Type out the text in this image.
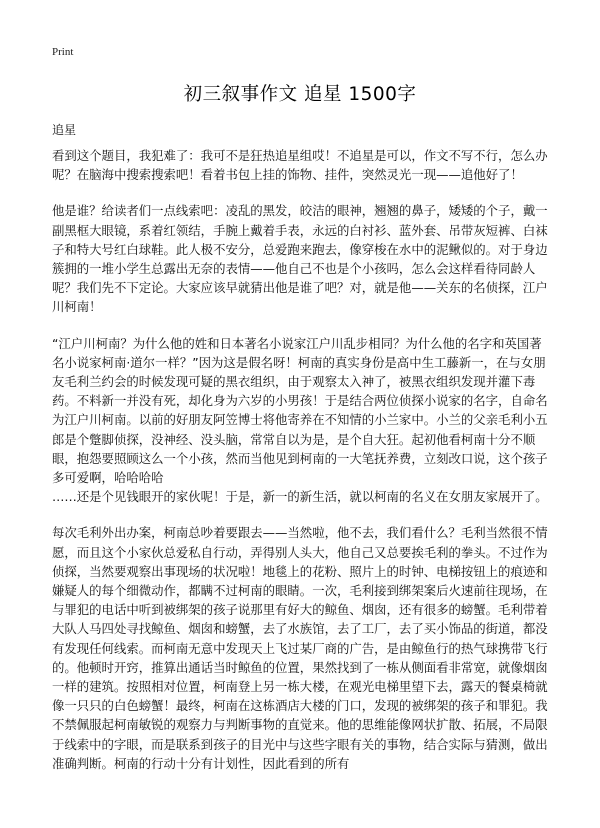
Print
初三叙事作文 追星 1500字
追星

看到这个题目，我犯难了：我可不是狂热追星组哎！不追星是可以，作文不写不行，怎么办呢？在脑海中搜索搜索吧！看着书包上挂的饰物、挂件，突然灵光一现——追他好了！

他是谁？给读者们一点线索吧：凌乱的黑发，皎洁的眼神，翘翘的鼻子，矮矮的个子，戴一副黑框大眼镜，系着红领结，手腕上戴着手表，永远的白衬衫、蓝外套、吊带灰短裤、白袜子和特大号红白球鞋。此人极不安分，总爱跑来跑去，像穿梭在水中的泥鳅似的。对于身边簇拥的一堆小学生总露出无奈的表情——他自己不也是个小孩吗，怎么会这样看待同龄人呢？我们先不下定论。大家应该早就猜出他是谁了吧？对，就是他——关东的名侦探，江户川柯南！

“江户川柯南？为什么他的姓和日本著名小说家江户川乱步相同？为什么他的名字和英国著名小说家柯南·道尔一样？”因为这是假名呀！柯南的真实身份是高中生工藤新一，在与女朋友毛利兰约会的时候发现可疑的黑衣组织，由于观察太入神了，被黑衣组织发现并灌下毒药。不料新一并没有死，却化身为六岁的小男孩！于是结合两位侦探小说家的名字，自命名为江户川柯南。以前的好朋友阿笠博士将他寄养在不知情的小兰家中。小兰的父亲毛利小五郎是个蹩脚侦探，没神经、没头脑，常常自以为是，是个自大狂。起初他看柯南十分不顺眼，抱怨要照顾这么一个小孩，然而当他见到柯南的一大笔抚养费，立刻改口说，这个孩子多可爱啊，哈哈哈哈
……还是个见钱眼开的家伙呢！于是，新一的新生活，就以柯南的名义在女朋友家展开了。

每次毛利外出办案，柯南总吵着要跟去——当然啦，他不去，我们看什么？毛利当然很不情愿，而且这个小家伙总爱私自行动，弄得别人头大，他自己又总要挨毛利的拳头。不过作为侦探，当然要观察出事现场的状况啦！地毯上的花粉、照片上的时钟、电梯按钮上的痕迹和嫌疑人的每个细微动作，都瞒不过柯南的眼睛。一次，毛利接到绑架案后火速前往现场，在与罪犯的电话中听到被绑架的孩子说那里有好大的鲸鱼、烟囱，还有很多的螃蟹。毛利带着大队人马四处寻找鲸鱼、烟囱和螃蟹，去了水族馆，去了工厂，去了买小饰品的街道，都没有发现任何线索。而柯南无意中发现天上飞过某厂商的广告，是由鲸鱼行的热气球携带飞行的。他顿时开窍，推算出通话当时鲸鱼的位置，果然找到了一栋从侧面看非常宽，就像烟囱一样的建筑。按照相对位置，柯南登上另一栋大楼，在观光电梯里望下去，露天的餐桌椅就像一只只的白色螃蟹！最终，柯南在这栋酒店大楼的门口，发现的被绑架的孩子和罪犯。我不禁佩服起柯南敏锐的观察力与判断事物的直觉来。他的思维能像网状扩散、拓展，不局限于线索中的字眼，而是联系到孩子的目光中与这些字眼有关的事物，结合实际与猜测，做出准确判断。柯南的行动十分有计划性，因此看到的所有
